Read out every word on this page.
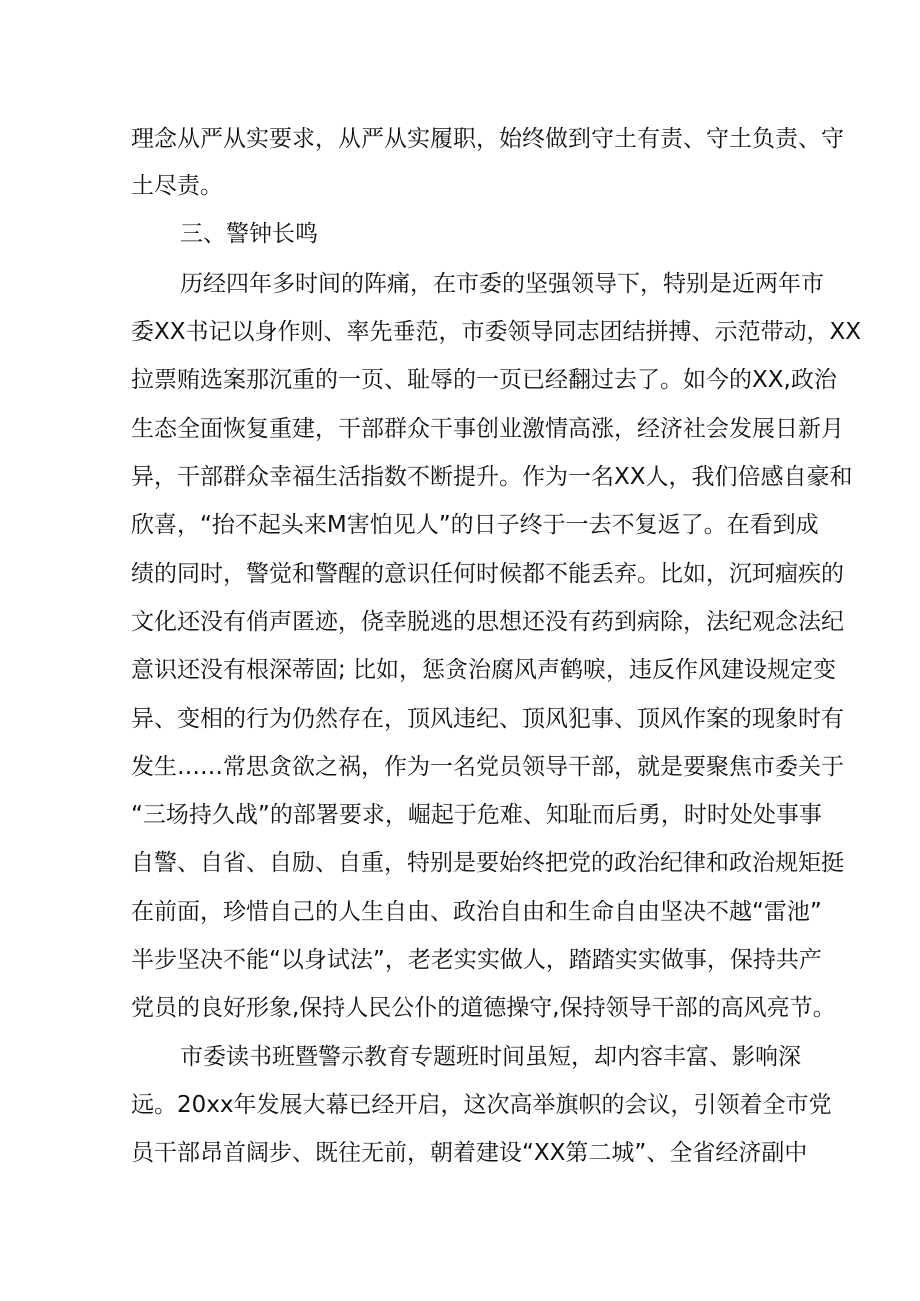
理念从严从实要求，从严从实履职，始终做到守土有责、守土负责、守
土尽责。
三、警钟长鸣
历经四年多时间的阵痛，在市委的坚强领导下，特别是近两年市
委XX书记以身作则、率先垂范，市委领导同志团结拼搏、示范带动，XX
拉票贿选案那沉重的一页、耻辱的一页已经翻过去了。如今的XX,政治
生态全面恢复重建，干部群众干事创业激情高涨，经济社会发展日新月
异，干部群众幸福生活指数不断提升。作为一名XX人，我们倍感自豪和
欣喜，“抬不起头来M害怕见人”的日子终于一去不复返了。在看到成
绩的同时，警觉和警醒的意识任何时候都不能丢弃。比如，沉珂痼疾的
文化还没有俏声匿迹，侥幸脱逃的思想还没有药到病除，法纪观念法纪
意识还没有根深蒂固; 比如，惩贪治腐风声鹤唳，违反作风建设规定变
异、变相的行为仍然存在，顶风违纪、顶风犯事、顶风作案的现象时有
发生……常思贪欲之祸，作为一名党员领导干部，就是要聚焦市委关于
“三场持久战”的部署要求，崛起于危难、知耻而后勇，时时处处事事
自警、自省、自励、自重，特别是要始终把党的政治纪律和政治规矩挺
在前面，珍惜自己的人生自由、政治自由和生命自由坚决不越“雷池”
半步坚决不能“以身试法”，老老实实做人，踏踏实实做事，保持共产
党员的良好形象,保持人民公仆的道德操守,保持领导干部的高风亮节。
市委读书班暨警示教育专题班时间虽短，却内容丰富、影响深
远。20xx年发展大幕已经开启，这次高举旗帜的会议，引领着全市党
员干部昂首阔步、既往无前，朝着建设“XX第二城”、全省经济副中
